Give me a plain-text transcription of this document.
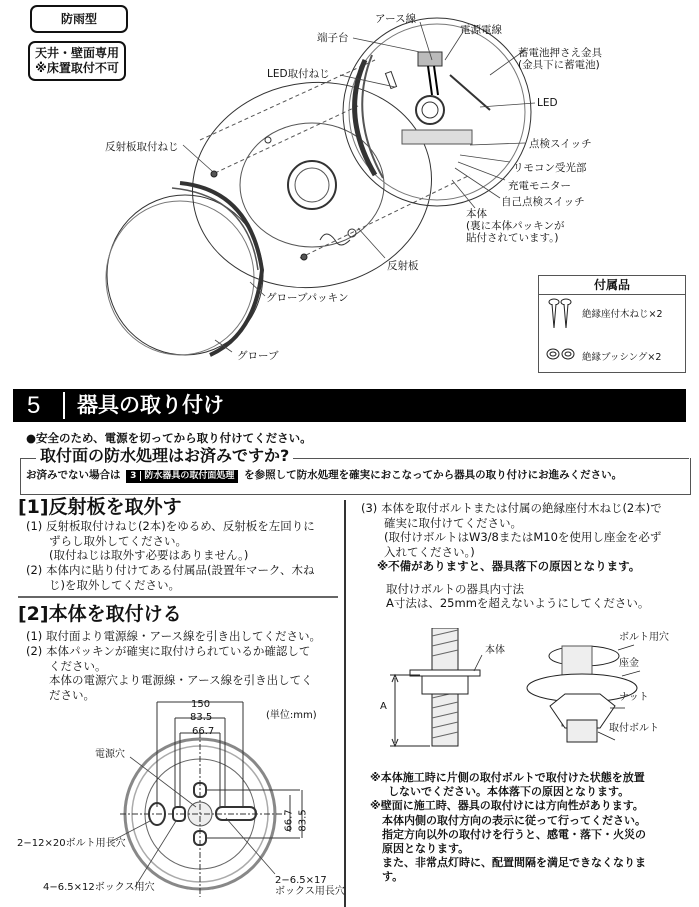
防雨型
天井・壁面専用
※床置取付不可
アース線
電源電線
端子台
蓄電池押さえ金具
(金具下に蓄電池)
LED取付ねじ
LED
反射板取付ねじ	点検スイッチ
リモコン受光部
充電モニター
自己点検スイッチ
本体
(裏に本体パッキンが
貼付されています。)
反射板
グローブパッキン
グローブ
付属品
絶縁座付木ねじ×2
絶縁ブッシング×2
5 器具の取り付け
●安全のため、電源を切ってから取り付けてください。
取付面の防水処理はお済みですか?
お済みでない場合は 3 防水器具の取付面処理 を参照して防水処理を確実におこなってから器具の取り付けにお進みください。
[1]反射板を取外す
(1) 反射板取付けねじ(2本)をゆるめ、反射板を左回りに
ずらし取外してください。
(取付ねじは取外す必要はありません。)
(2) 本体内に貼り付けてある付属品(設置年マーク、木ね
じ)を取外してください。
[2]本体を取付ける
(1) 取付面より電源線・アース線を引き出してください。
(2) 本体パッキンが確実に取付けられているか確認して
ください。
本体の電源穴より電源線・アース線を引き出してく
ださい。
150
83.5
66.7
66.7 83.5
(単位:mm)
電源穴
2−12×20ボルト用長穴
4−6.5×12ボックス用穴
2−6.5×17
ボックス用長穴
(3) 本体を取付ボルトまたは付属の絶縁座付木ねじ(2本)で
確実に取付けてください。
(取付けボルトはW3/8またはM10を使用し座金を必ず
入れてください。)
※不備がありますと、器具落下の原因となります。
取付けボルトの器具内寸法
A寸法は、25mmを超えないようにしてください。
本体
A
ボルト用穴
座金
ナット
取付ボルト
※本体施工時に片側の取付ボルトで取付けた状態を放置
しないでください。本体落下の原因となります。
※壁面に施工時、器具の取付けには方向性があります。
本体内側の取付方向の表示に従って行ってください。
指定方向以外の取付けを行うと、感電・落下・火災の
原因となります。
また、非常点灯時に、配置間隔を満足できなくなりま
す。
